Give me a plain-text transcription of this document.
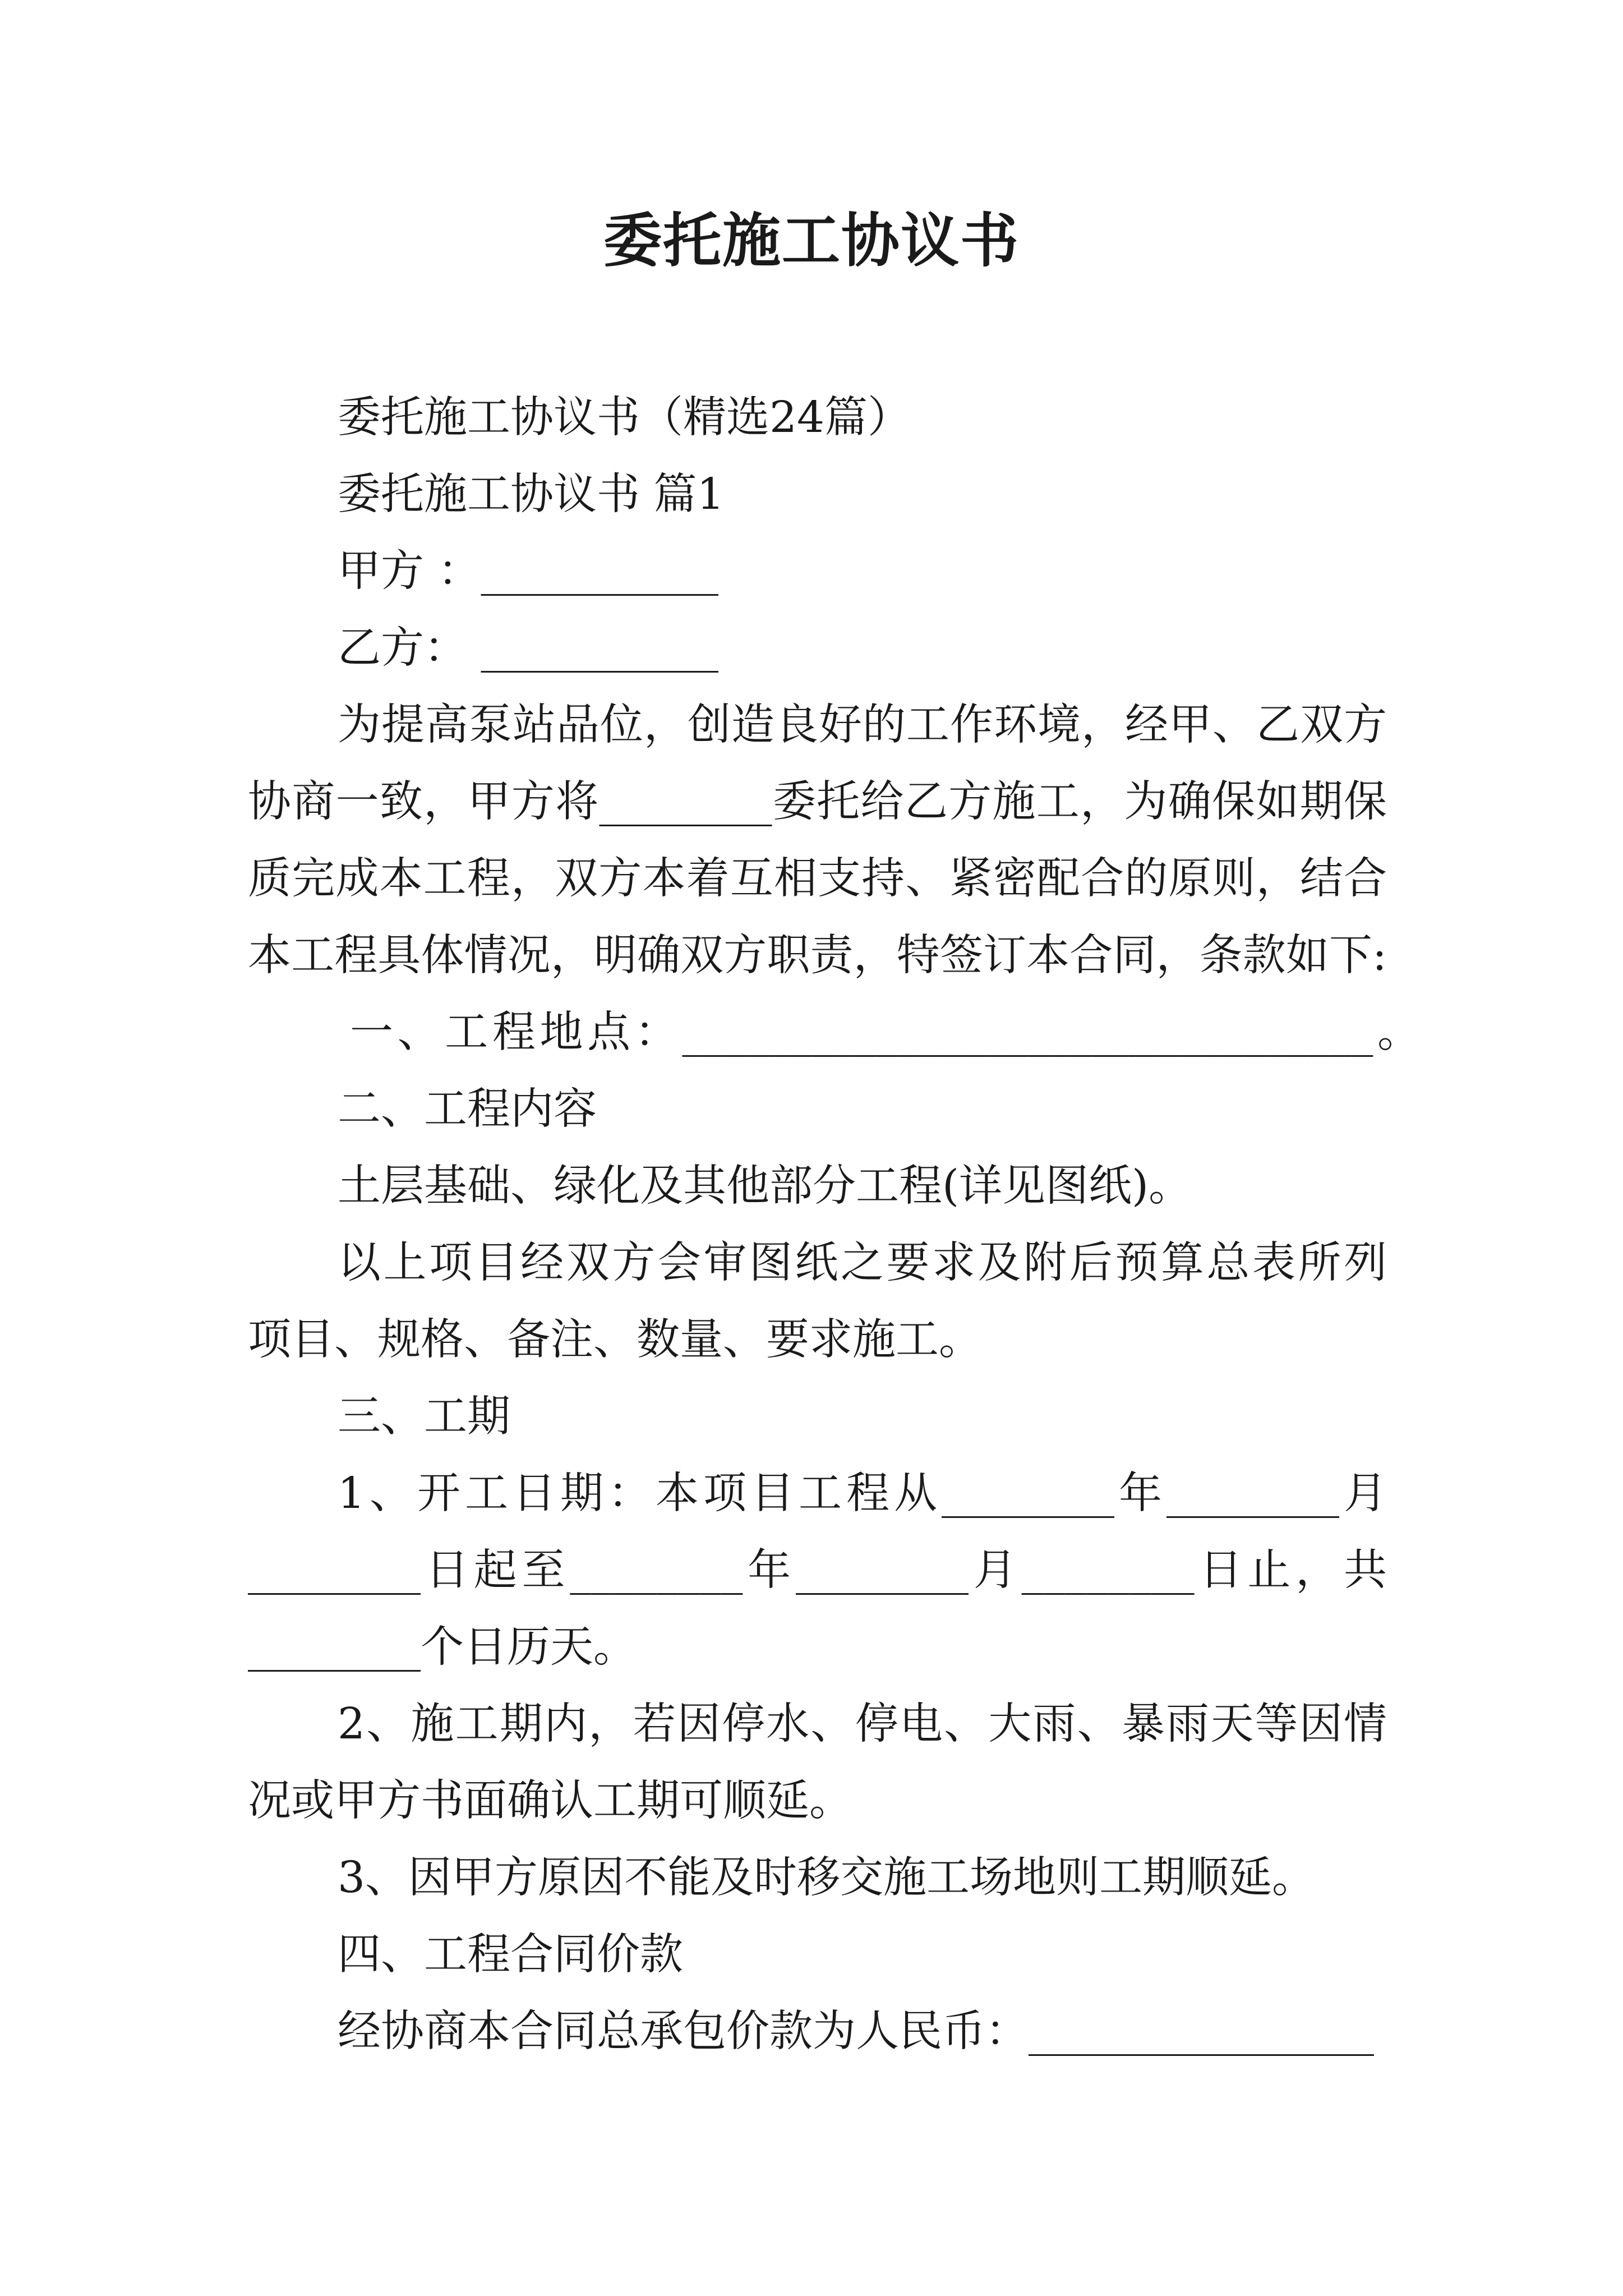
委托施工协议书
委托施工协议书（精选24篇）
委托施工协议书 篇1
甲方 ：___________
乙方： ___________
为提高泵站品位，创造良好的工作环境，经甲、乙双方
协商一致，甲方将________委托给乙方施工，为确保如期保
质完成本工程，双方本着互相支持、紧密配合的原则，结合
本工程具体情况，明确双方职责，特签订本合同，条款如下:
一、工程地点：________________________________。
二、工程内容
土层基础、绿化及其他部分工程(详见图纸)。
以上项目经双方会审图纸之要求及附后预算总表所列
项目、规格、备注、数量、要求施工。
三、工期
1、开工日期：本项目工程从________年________月
________日起至________年________月________日止，共
________个日历天。
2、施工期内，若因停水、停电、大雨、暴雨天等因情
况或甲方书面确认工期可顺延。
3、因甲方原因不能及时移交施工场地则工期顺延。
四、工程合同价款
经协商本合同总承包价款为人民币：________________
